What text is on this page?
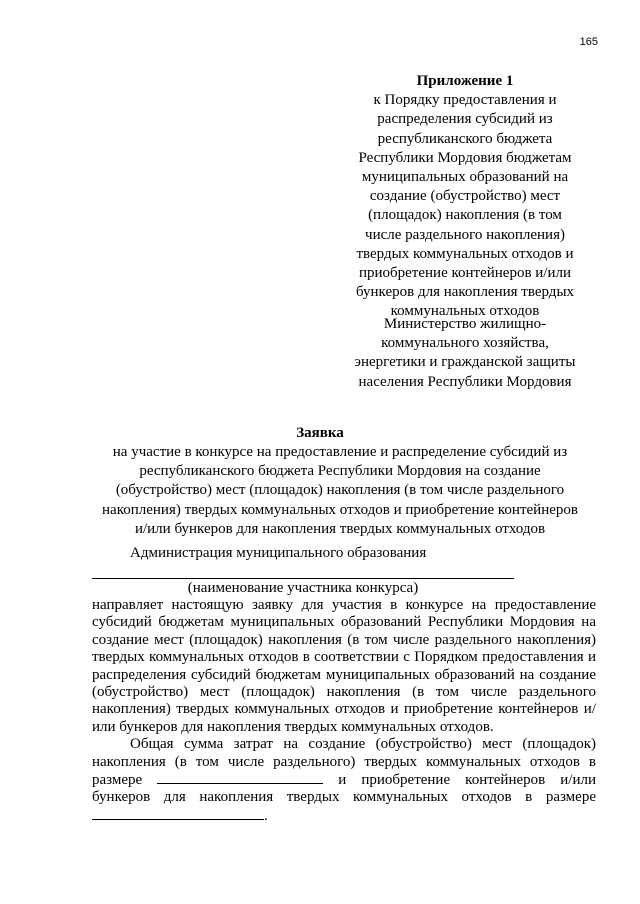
165
Приложение 1
к Порядку предоставления и
распределения субсидий из
республиканского бюджета
Республики Мордовия бюджетам
муниципальных образований на
создание (обустройство) мест
(площадок) накопления (в том
числе раздельного накопления)
твердых коммунальных отходов и
приобретение контейнеров и/или
бункеров для накопления твердых
коммунальных отходов
Министерство жилищно-
коммунального хозяйства,
энергетики и гражданской защиты
населения Республики Мордовия
Заявка
на участие в конкурсе на предоставление и распределение субсидий из
республиканского бюджета Республики Мордовия на создание
(обустройство) мест (площадок) накопления (в том числе раздельного
накопления) твердых коммунальных отходов и приобретение контейнеров
и/или бункеров для накопления твердых коммунальных отходов
Администрация муниципального образования
(наименование участника конкурса)

направляет настоящую заявку для участия в конкурсе на предоставление субсидий бюджетам муниципальных образований Республики Мордовия на создание мест (площадок) накопления (в том числе раздельного накопления) твердых коммунальных отходов в соответствии с Порядком предоставления и распределения субсидий бюджетам муниципальных образований на создание (обустройство) мест (площадок) накопления (в том числе раздельного накопления) твердых коммунальных отходов и приобретение контейнеров и/или бункеров для накопления твердых коммунальных отходов.

Общая сумма затрат на создание (обустройство) мест (площадок) накопления (в том числе раздельного) твердых коммунальных отходов в размере	и приобретение контейнеров и/или бункеров для накопления твердых коммунальных отходов в размере .
